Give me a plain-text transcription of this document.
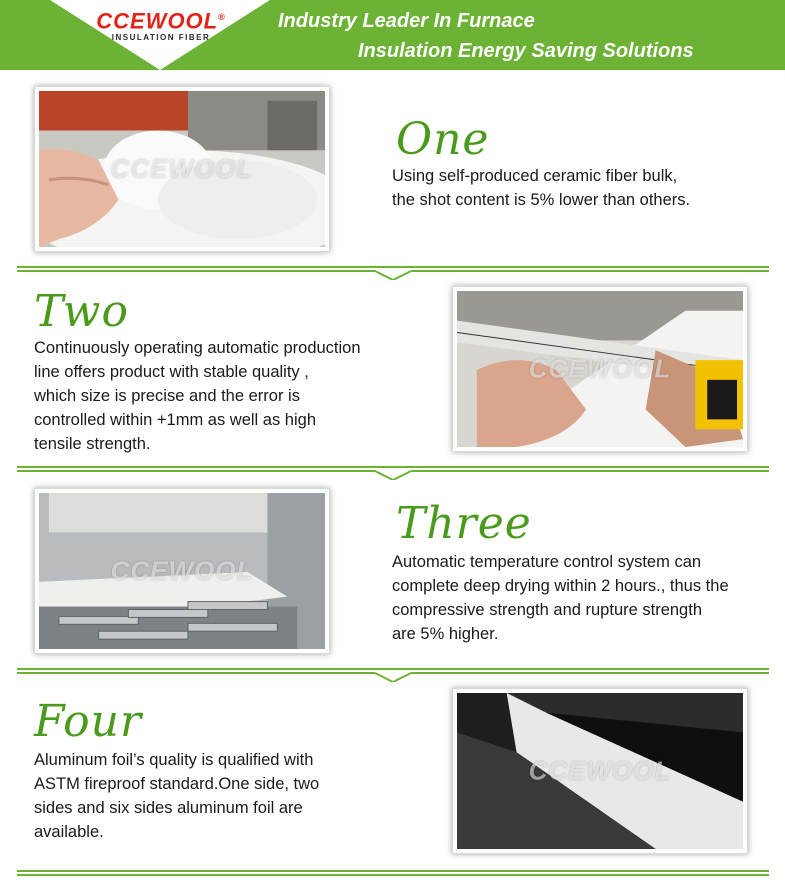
CCEWOOL®
INSULATION FIBER
Industry Leader In Furnace
Insulation Energy Saving Solutions
CCEWOOL
One
Using self-produced ceramic fiber bulk,
the shot content is 5% lower than others.
Two
Continuously operating automatic production
line offers product with stable quality ,
which size is precise and the error is
controlled within +1mm as well as high
tensile strength.
CCEWOOL
CCEWOOL
Three
Automatic temperature control system can
complete deep drying within 2 hours., thus the
compressive strength and rupture strength
are 5% higher.
Four
Aluminum foil’s quality is qualified with
ASTM fireproof standard.One side, two
sides and six sides aluminum foil are
available.
CCEWOOL
